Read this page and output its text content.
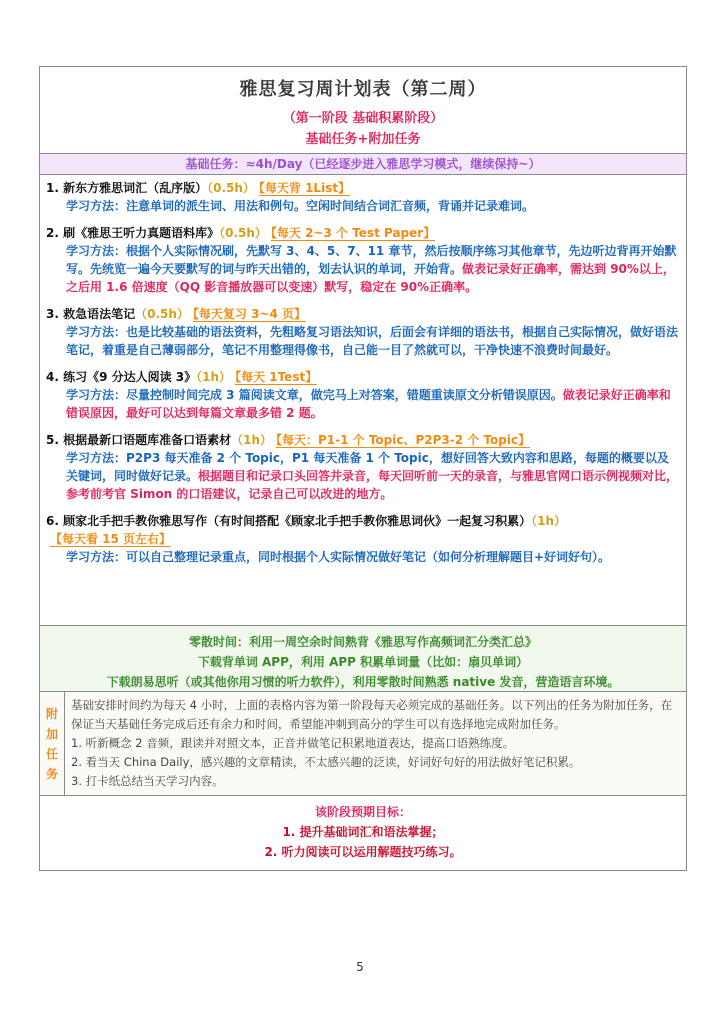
雅思复习周计划表（第二周）
（第一阶段 基础积累阶段）
基础任务+附加任务
基础任务：≈4h/Day（已经逐步进入雅思学习模式，继续保持~）
1. 新东方雅思词汇（乱序版）（0.5h） 【每天背 1List】
学习方法：注意单词的派生词、用法和例句。空闲时间结合词汇音频，背诵并记录难词。
2. 刷《雅思王听力真题语料库》（0.5h） 【每天 2~3 个 Test Paper】
学习方法：根据个人实际情况刷，先默写 3、4、5、7、11 章节，然后按顺序练习其他章节，先边听边背再开始默写。先统览一遍今天要默写的词与昨天出错的，划去认识的单词，开始背。做表记录好正确率，需达到 90%以上，之后用 1.6 倍速度（QQ 影音播放器可以变速）默写，稳定在 90%正确率。
3. 救急语法笔记（0.5h） 【每天复习 3~4 页】
学习方法：也是比较基础的语法资料，先粗略复习语法知识，后面会有详细的语法书，根据自己实际情况，做好语法笔记，着重是自己薄弱部分，笔记不用整理得像书，自己能一目了然就可以，干净快速不浪费时间最好。
4. 练习《9 分达人阅读 3》（1h） 【每天 1Test】
学习方法：尽量控制时间完成 3 篇阅读文章，做完马上对答案，错题重读原文分析错误原因。做表记录好正确率和错误原因，最好可以达到每篇文章最多错 2 题。
5. 根据最新口语题库准备口语素材（1h） 【每天：P1-1 个 Topic、P2P3-2 个 Topic】
学习方法：P2P3 每天准备 2 个 Topic，P1 每天准备 1 个 Topic，想好回答大致内容和思路，每题的概要以及关键词，同时做好记录。根据题目和记录口头回答并录音，每天回听前一天的录音，与雅思官网口语示例视频对比，参考前考官 Simon 的口语建议，记录自己可以改进的地方。
6. 顾家北手把手教你雅思写作（有时间搭配《顾家北手把手教你雅思词伙》一起复习积累）（1h）【每天看 15 页左右】
学习方法：可以自己整理记录重点，同时根据个人实际情况做好笔记（如何分析理解题目+好词好句）。
零散时间：利用一周空余时间熟背《雅思写作高频词汇分类汇总》
下载背单词 APP，利用 APP 积累单词量（比如：扇贝单词）
下载朗易思听（或其他你用习惯的听力软件），利用零散时间熟悉 native 发音，营造语言环境。
附
加
任
务
基础安排时间约为每天 4 小时，上面的表格内容为第一阶段每天必须完成的基础任务。以下列出的任务为附加任务，在保证当天基础任务完成后还有余力和时间，希望能冲刺到高分的学生可以有选择地完成附加任务。
1. 听新概念 2 音频，跟读并对照文本，正音并做笔记积累地道表达，提高口语熟练度。
2. 看当天 China Daily，感兴趣的文章精读，不太感兴趣的泛读，好词好句好的用法做好笔记积累。
3. 打卡纸总结当天学习内容。
该阶段预期目标：
1. 提升基础词汇和语法掌握；
2. 听力阅读可以运用解题技巧练习。
5
